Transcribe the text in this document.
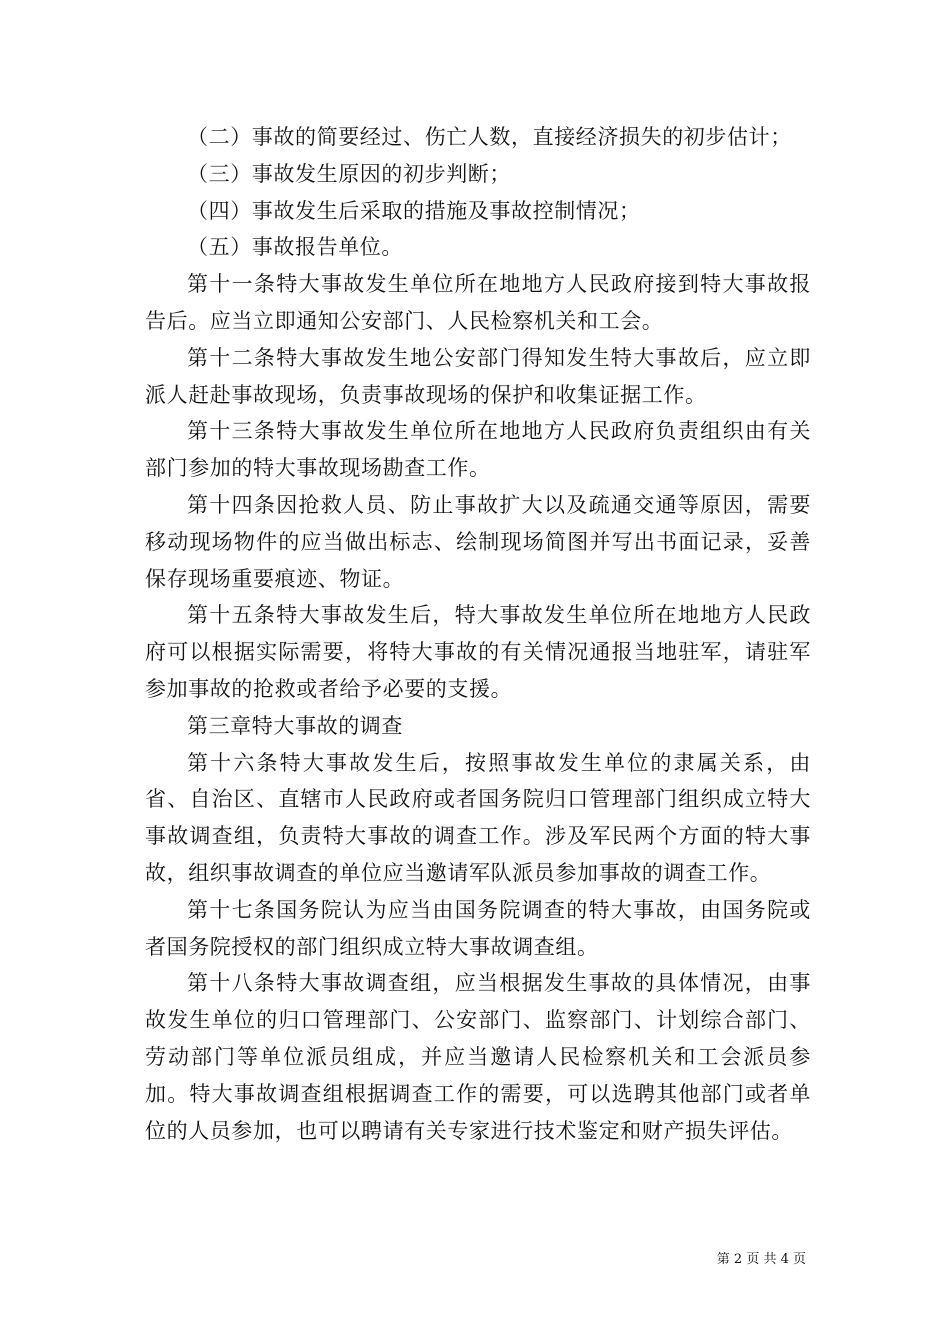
（二）事故的简要经过、伤亡人数，直接经济损失的初步估计；

（三）事故发生原因的初步判断；

（四）事故发生后采取的措施及事故控制情况；

（五）事故报告单位。

第十一条特大事故发生单位所在地地方人民政府接到特大事故报告后。应当立即通知公安部门、人民检察机关和工会。

第十二条特大事故发生地公安部门得知发生特大事故后，应立即派人赶赴事故现场，负责事故现场的保护和收集证据工作。

第十三条特大事故发生单位所在地地方人民政府负责组织由有关部门参加的特大事故现场勘查工作。

第十四条因抢救人员、防止事故扩大以及疏通交通等原因，需要移动现场物件的应当做出标志、绘制现场简图并写出书面记录，妥善保存现场重要痕迹、物证。

第十五条特大事故发生后，特大事故发生单位所在地地方人民政府可以根据实际需要，将特大事故的有关情况通报当地驻军，请驻军参加事故的抢救或者给予必要的支援。

第三章特大事故的调查

第十六条特大事故发生后，按照事故发生单位的隶属关系，由省、自治区、直辖市人民政府或者国务院归口管理部门组织成立特大事故调查组，负责特大事故的调查工作。涉及军民两个方面的特大事故，组织事故调查的单位应当邀请军队派员参加事故的调查工作。

第十七条国务院认为应当由国务院调查的特大事故，由国务院或者国务院授权的部门组织成立特大事故调查组。

第十八条特大事故调查组，应当根据发生事故的具体情况，由事故发生单位的归口管理部门、公安部门、监察部门、计划综合部门、劳动部门等单位派员组成，并应当邀请人民检察机关和工会派员参加。特大事故调查组根据调查工作的需要，可以选聘其他部门或者单位的人员参加，也可以聘请有关专家进行技术鉴定和财产损失评估。

第 2 页 共 4 页
